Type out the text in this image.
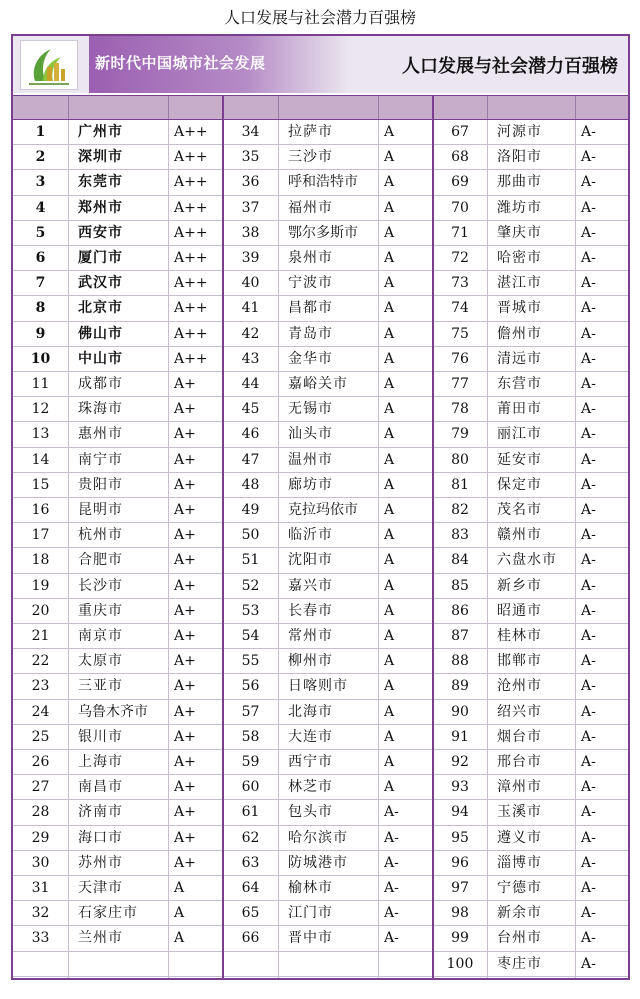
人口发展与社会潜力百强榜
新时代中国城市社会发展	人口发展与社会潜力百强榜
1	广州市	A++
2	深圳市	A++
3	东莞市	A++
4	郑州市	A++
5	西安市	A++
6	厦门市	A++
7	武汉市	A++
8	北京市	A++
9	佛山市	A++
10	中山市	A++
11	成都市	A+
12	珠海市	A+
13	惠州市	A+
14	南宁市	A+
15	贵阳市	A+
16	昆明市	A+
17	杭州市	A+
18	合肥市	A+
19	长沙市	A+
20	重庆市	A+
21	南京市	A+
22	太原市	A+
23	三亚市	A+
24	乌鲁木齐市	A+
25	银川市	A+
26	上海市	A+
27	南昌市	A+
28	济南市	A+
29	海口市	A+
30	苏州市	A+
31	天津市	A
32	石家庄市	A
33	兰州市	A
34	拉萨市	A
35	三沙市	A
36	呼和浩特市	A
37	福州市	A
38	鄂尔多斯市	A
39	泉州市	A
40	宁波市	A
41	昌都市	A
42	青岛市	A
43	金华市	A
44	嘉峪关市	A
45	无锡市	A
46	汕头市	A
47	温州市	A
48	廊坊市	A
49	克拉玛依市	A
50	临沂市	A
51	沈阳市	A
52	嘉兴市	A
53	长春市	A
54	常州市	A
55	柳州市	A
56	日喀则市	A
57	北海市	A
58	大连市	A
59	西宁市	A
60	林芝市	A
61	包头市	A-
62	哈尔滨市	A-
63	防城港市	A-
64	榆林市	A-
65	江门市	A-
66	晋中市	A-
67	河源市	A-
68	洛阳市	A-
69	那曲市	A-
70	潍坊市	A-
71	肇庆市	A-
72	哈密市	A-
73	湛江市	A-
74	晋城市	A-
75	儋州市	A-
76	清远市	A-
77	东营市	A-
78	莆田市	A-
79	丽江市	A-
80	延安市	A-
81	保定市	A-
82	茂名市	A-
83	赣州市	A-
84	六盘水市	A-
85	新乡市	A-
86	昭通市	A-
87	桂林市	A-
88	邯郸市	A-
89	沧州市	A-
90	绍兴市	A-
91	烟台市	A-
92	邢台市	A-
93	漳州市	A-
94	玉溪市	A-
95	遵义市	A-
96	淄博市	A-
97	宁德市	A-
98	新余市	A-
99	台州市	A-
100	枣庄市	A-
